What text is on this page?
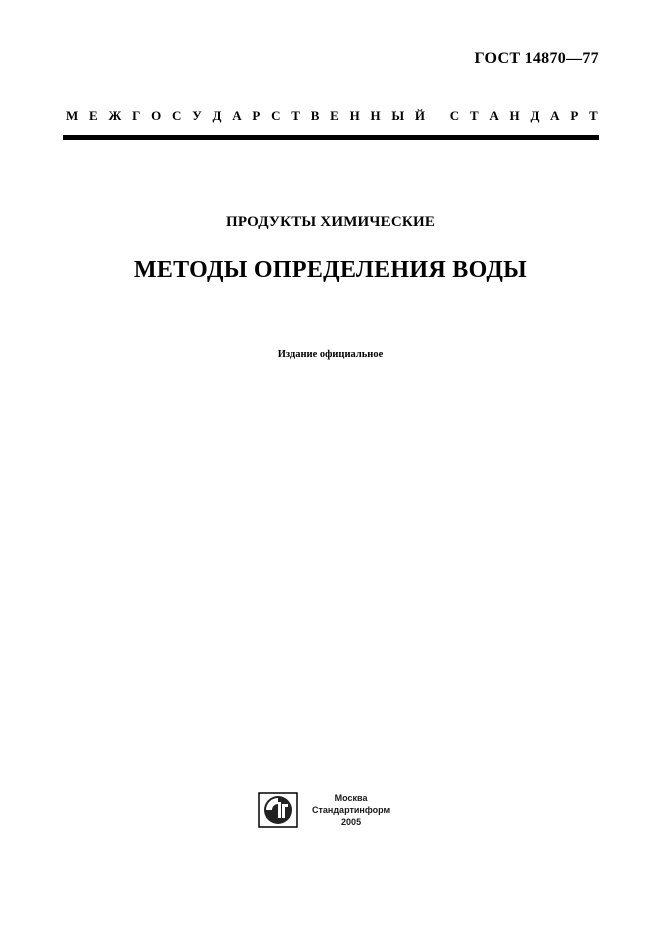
ГОСТ 14870—77
М Е Ж Г О С У Д А Р С Т В Е Н Н Ы Й
С Т А Н Д А Р Т
ПРОДУКТЫ ХИМИЧЕСКИЕ
МЕТОДЫ ОПРЕДЕЛЕНИЯ ВОДЫ
Издание официальное
Москва
Стандартинформ
2005
